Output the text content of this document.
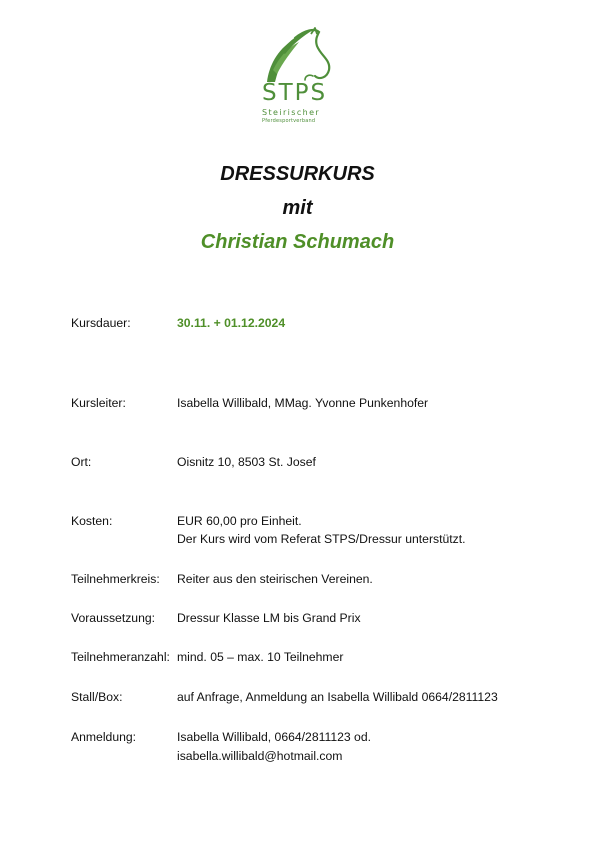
STPS
Steirischer
Pferdesportverband
DRESSURKURS
mit
Christian Schumach
Kursdauer:	30.11. + 01.12.2024
Kursleiter:	Isabella Willibald, MMag. Yvonne Punkenhofer
Ort:	Oisnitz 10, 8503 St. Josef
Kosten:	EUR 60,00 pro Einheit.
Der Kurs wird vom Referat STPS/Dressur unterstützt.
Teilnehmerkreis: Reiter aus den steirischen Vereinen.
Voraussetzung: Dressur Klasse LM bis Grand Prix
Teilnehmeranzahl: mind. 05 – max. 10 Teilnehmer
Stall/Box:	auf Anfrage, Anmeldung an Isabella Willibald 0664/2811123
Anmeldung:	Isabella Willibald, 0664/2811123 od.
isabella.willibald@hotmail.com
